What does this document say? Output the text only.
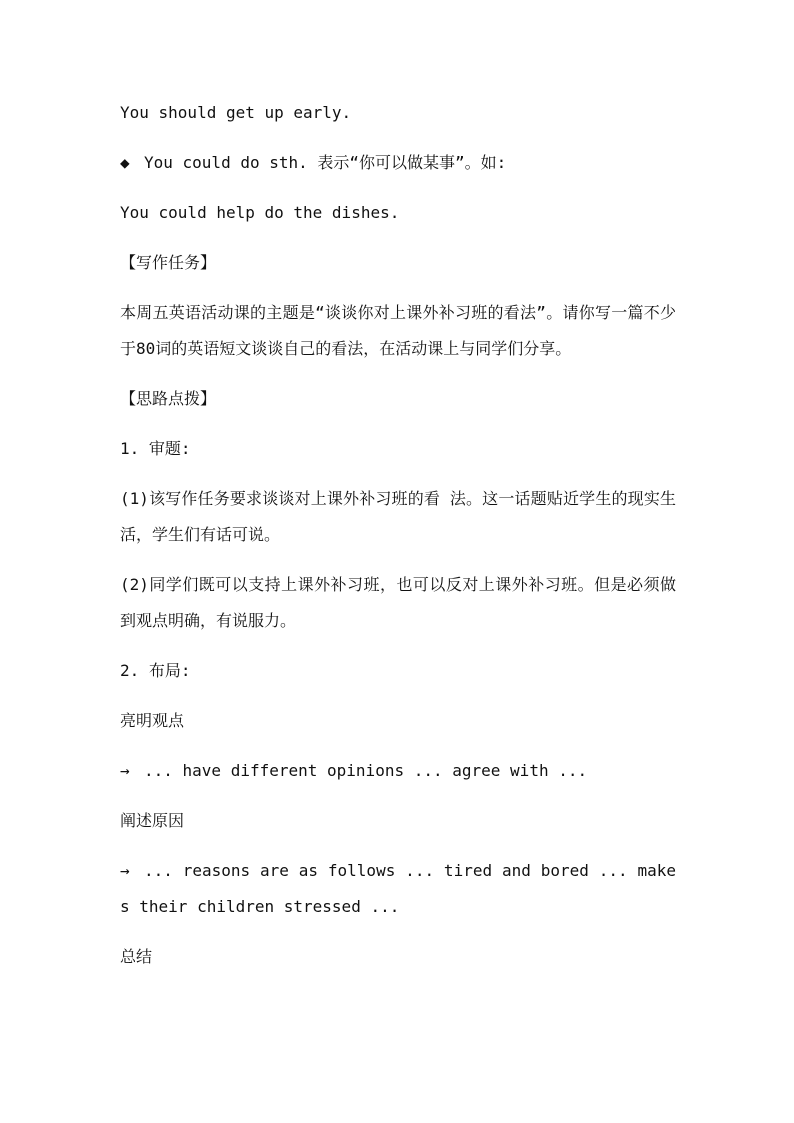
You should get up early.

◆ You could do sth. 表示“你可以做某事”。如:

You could help do the dishes.

【写作任务】

本周五英语活动课的主题是“谈谈你对上课外补习班的看法”。请你写一篇不少于80词的英语短文谈谈自己的看法，在活动课上与同学们分享。

【思路点拨】

1. 审题:

(1)该写作任务要求谈谈对上课外补习班的看 法。这一话题贴近学生的现实生活，学生们有话可说。

(2)同学们既可以支持上课外补习班，也可以反对上课外补习班。但是必须做到观点明确，有说服力。

2. 布局:

亮明观点

→ ... have different opinions ... agree with ...

阐述原因

→ ... reasons are as follows ... tired and bored ... makes their children stressed ...

总结
